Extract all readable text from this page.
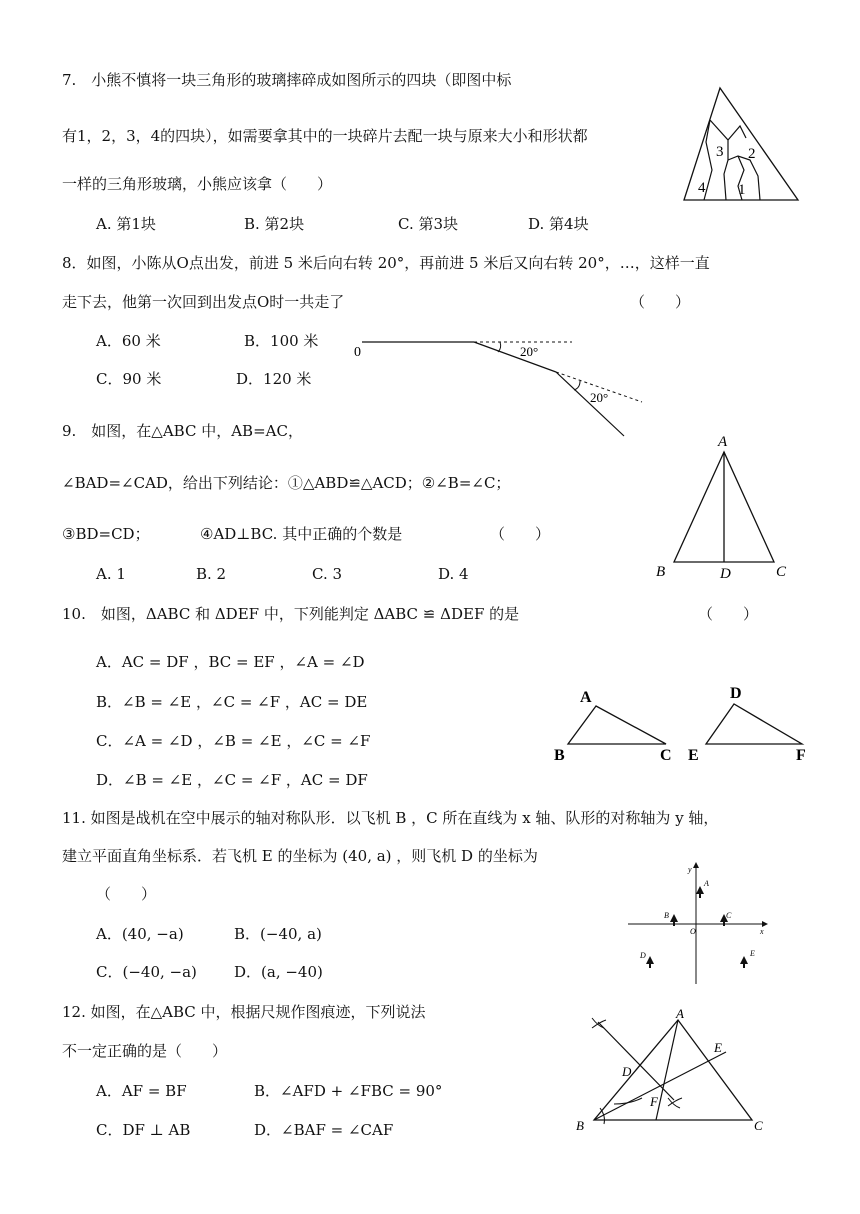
7.　小熊不慎将一块三角形的玻璃摔碎成如图所示的四块（即图中标
有1，2，3，4的四块），如需要拿其中的一块碎片去配一块与原来大小和形状都
一样的三角形玻璃，小熊应该拿（　　）
A. 第1块	B. 第2块	C. 第3块	D. 第4块
3 2
4 1
8．如图，小陈从O点出发，前进 5 米后向右转 20°，再前进 5 米后又向右转 20°，…，这样一直
走下去，他第一次回到出发点O时一共走了	（　　）
A．60 米	B．100 米
C．90 米	D．120 米
0	20°
20°
9.　如图，在△ABC 中，AB=AC，
∠BAD=∠CAD，给出下列结论：①△ABD≌△ACD；②∠B=∠C；
③BD=CD；	④AD⊥BC. 其中正确的个数是	（　　）
A. 1	B. 2	C. 3	D. 4
A
B	D	C
10.　如图，ΔABC 和 ΔDEF 中，下列能判定 ΔABC ≌ ΔDEF 的是	（　　）
A．AC = DF ，BC = EF ，∠A = ∠D
B．∠B = ∠E ，∠C = ∠F ，AC = DE
C．∠A = ∠D ，∠B = ∠E ，∠C = ∠F
D．∠B = ∠E ，∠C = ∠F ，AC = DF
A
B	C
D
E	F
11. 如图是战机在空中展示的轴对称队形．以飞机 B ，C 所在直线为 x 轴、队形的对称轴为 y 轴，
建立平面直角坐标系．若飞机 E 的坐标为 (40, a) ，则飞机 D 的坐标为
（　　）
A．(40, −a)	B．(−40, a)
C．(−40, −a) D．(a, −40)
y
A
B	C
O	x
D	E
12. 如图，在△ABC 中，根据尺规作图痕迹，下列说法
不一定正确的是（　　）
A．AF = BF	B．∠AFD + ∠FBC = 90°
C．DF ⊥ AB	D．∠BAF = ∠CAF
A
E
D
F
B	C
